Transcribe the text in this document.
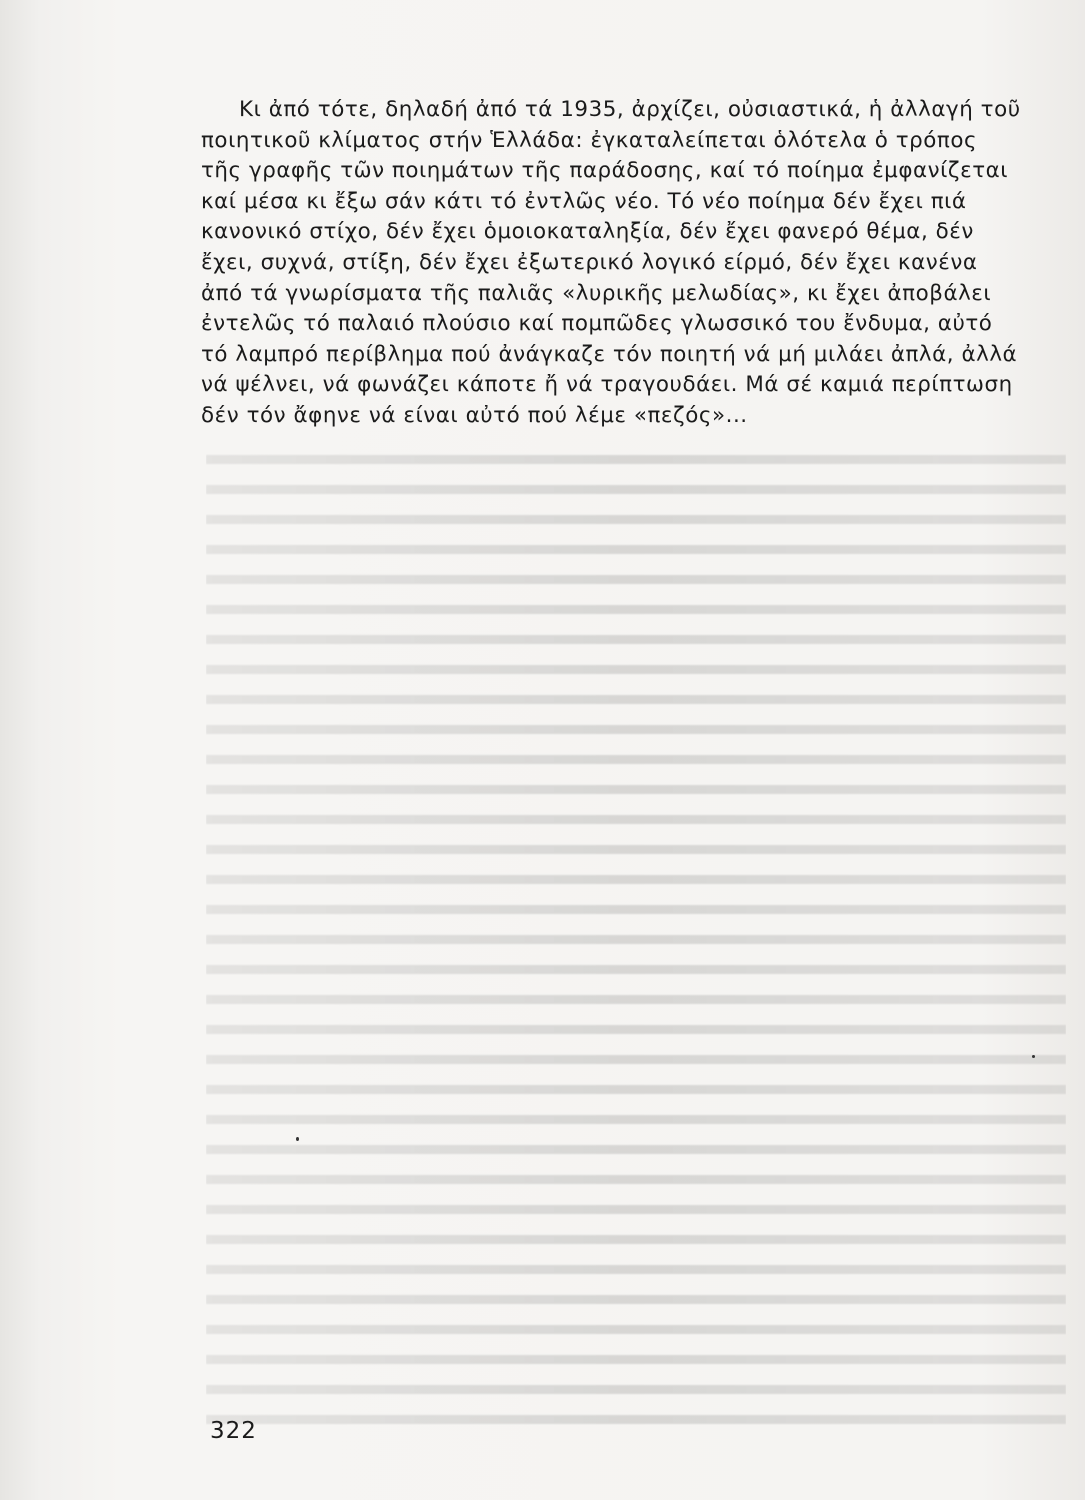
Κι ἀπό τότε, δηλαδή ἀπό τά 1935, ἀρχίζει, οὐσιαστικά, ἡ ἀλλαγή τοῦ
ποιητικοῦ κλίματος στήν Ἑλλάδα: ἐγκαταλείπεται ὁλότελα ὁ τρόπος
τῆς γραφῆς τῶν ποιημάτων τῆς παράδοσης, καί τό ποίημα ἐμφανίζεται
καί μέσα κι ἔξω σάν κάτι τό ἐντλῶς νέο. Τό νέο ποίημα δέν ἔχει πιά
κανονικό στίχο, δέν ἔχει ὁμοιοκαταληξία, δέν ἔχει φανερό θέμα, δέν
ἔχει, συχνά, στίξη, δέν ἔχει ἐξωτερικό λογικό είρμό, δέν ἔχει κανένα
ἀπό τά γνωρίσματα τῆς παλιᾶς «λυρικῆς μελωδίας», κι ἔχει ἀποβάλει
ἐντελῶς τό παλαιό πλούσιο καί πομπῶδες γλωσσικό του ἔνδυμα, αὐτό
τό λαμπρό περίβλημα πού ἀνάγκαζε τόν ποιητή νά μή μιλάει ἀπλά, ἀλλά
νά ψέλνει, νά φωνάζει κάποτε ἤ νά τραγουδάει. Μά σέ καμιά περίπτωση
δέν τόν ἄφηνε νά είναι αὐτό πού λέμε «πεζός»...

322
